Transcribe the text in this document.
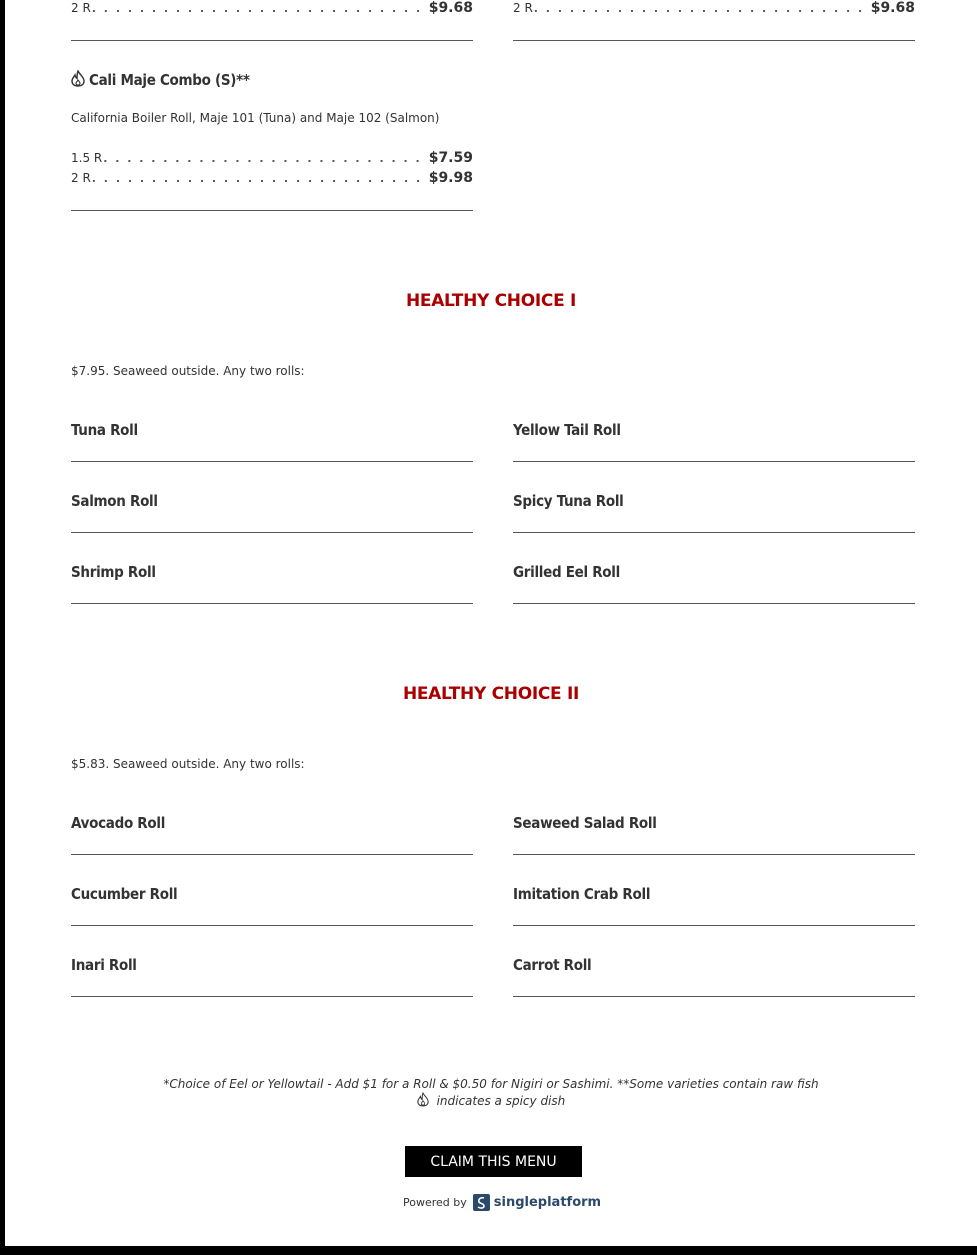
2 R . . .	$9.68	2 R . . .	$9.68
Cali Maje Combo (S)**
California Boiler Roll, Maje 101 (Tuna) and Maje 102 (Salmon)
1.5 R . . .	$7.59
2 R . . .	$9.98
HEALTHY CHOICE I
$7.95. Seaweed outside. Any two rolls:
Tuna Roll
Salmon Roll
Shrimp Roll
Yellow Tail Roll
Spicy Tuna Roll
Grilled Eel Roll
HEALTHY CHOICE II
$5.83. Seaweed outside. Any two rolls:
Avocado Roll
Cucumber Roll
Inari Roll
Seaweed Salad Roll
Imitation Crab Roll
Carrot Roll
*Choice of Eel or Yellowtail - Add $1 for a Roll & $0.50 for Nigiri or Sashimi. **Some varieties contain raw fish
indicates a spicy dish
CLAIM THIS MENU
Powered by singleplatform
